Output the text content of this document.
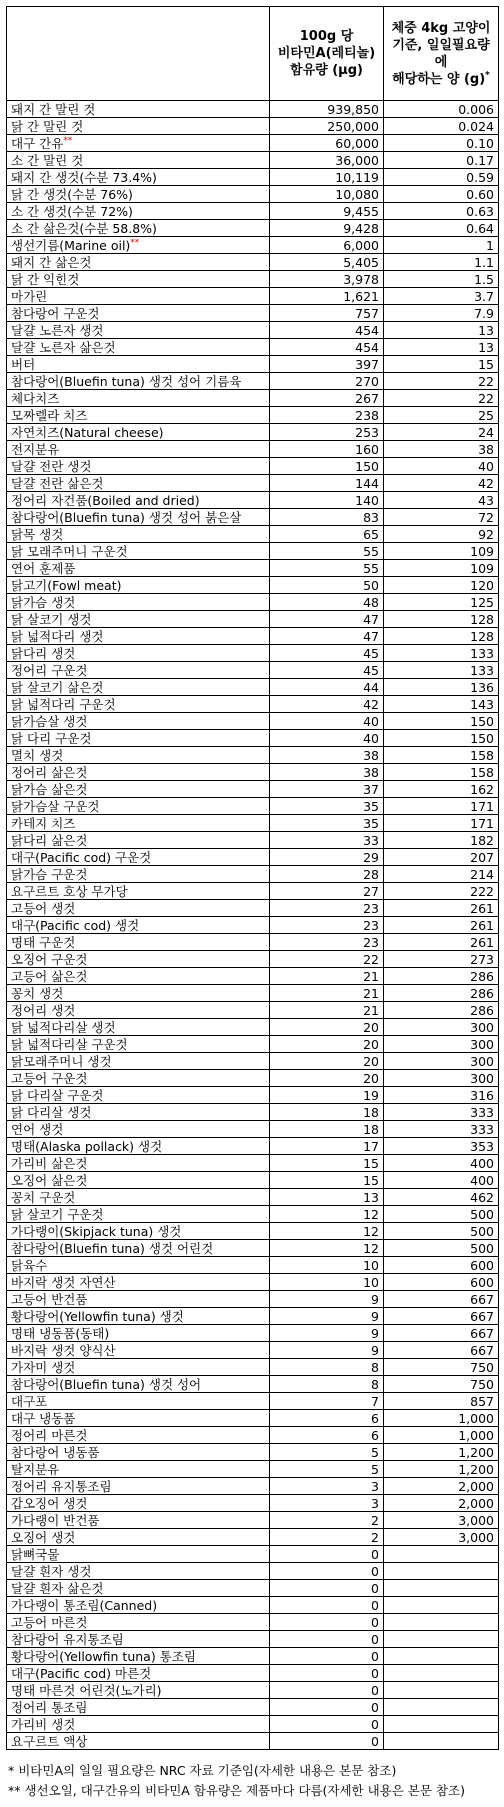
	100g 당
비타민A(레티놀)
함유량 (μg)	체중 4kg 고양이
기준, 일일필요량에
해당하는 양 (g)*
돼지 간 말린 것	939,850	0.006
닭 간 말린 것	250,000	0.024
대구 간유**	60,000	0.10
소 간 말린 것	36,000	0.17
돼지 간 생것(수분 73.4%)	10,119	0.59
닭 간 생것(수분 76%)	10,080	0.60
소 간 생것(수분 72%)	9,455	0.63
소 간 삶은것(수분 58.8%)	9,428	0.64
생선기름(Marine oil)**	6,000	1
돼지 간 삶은것	5,405	1.1
닭 간 익힌것	3,978	1.5
마가린	1,621	3.7
참다랑어 구운것	757	7.9
달걀 노른자 생것	454	13
달걀 노른자 삶은것	454	13
버터	397	15
참다랑어(Bluefin tuna) 생것 성어 기름육	270	22
체다치즈	267	22
모짜렐라 치즈	238	25
자연치즈(Natural cheese)	253	24
전지분유	160	38
달걀 전란 생것	150	40
달걀 전란 삶은것	144	42
정어리 자건품(Boiled and dried)	140	43
참다랑어(Bluefin tuna) 생것 성어 붉은살	83	72
닭목 생것	65	92
닭 모래주머니 구운것	55	109
연어 훈제품	55	109
닭고기(Fowl meat)	50	120
닭가슴 생것	48	125
닭 살코기 생것	47	128
닭 넓적다리 생것	47	128
닭다리 생것	45	133
정어리 구운것	45	133
닭 살코기 삶은것	44	136
닭 넓적다리 구운것	42	143
닭가슴살 생것	40	150
닭 다리 구운것	40	150
멸치 생것	38	158
정어리 삶은것	38	158
닭가슴 삶은것	37	162
닭가슴살 구운것	35	171
카테지 치즈	35	171
닭다리 삶은것	33	182
대구(Pacific cod) 구운것	29	207
닭가슴 구운것	28	214
요구르트 호상 무가당	27	222
고등어 생것	23	261
대구(Pacific cod) 생것	23	261
명태 구운것	23	261
오징어 구운것	22	273
고등어 삶은것	21	286
꽁치 생것	21	286
정어리 생것	21	286
닭 넓적다리살 생것	20	300
닭 넓적다리살 구운것	20	300
닭모래주머니 생것	20	300
고등어 구운것	20	300
닭 다리살 구운것	19	316
닭 다리살 생것	18	333
연어 생것	18	333
명태(Alaska pollack) 생것	17	353
가리비 삶은것	15	400
오징어 삶은것	15	400
꽁치 구운것	13	462
닭 살코기 구운것	12	500
가다랭이(Skipjack tuna) 생것	12	500
참다랑어(Bluefin tuna) 생것 어린것	12	500
닭육수	10	600
바지락 생것 자연산	10	600
고등어 반건품	9	667
황다랑어(Yellowfin tuna) 생것	9	667
명태 냉동품(동태)	9	667
바지락 생것 양식산	9	667
가자미 생것	8	750
참다랑어(Bluefin tuna) 생것 성어	8	750
대구포	7	857
대구 냉동품	6	1,000
정어리 마른것	6	1,000
참다랑어 냉동품	5	1,200
탈지분유	5	1,200
정어리 유지통조림	3	2,000
갑오징어 생것	3	2,000
가다랭이 반건품	2	3,000
오징어 생것	2	3,000
닭뼈국물	0	
달걀 흰자 생것	0	
달걀 흰자 삶은것	0	
가다랭이 통조림(Canned)	0	
고등어 마른것	0	
참다랑어 유지통조림	0	
황다랑어(Yellowfin tuna) 통조림	0	
대구(Pacific cod) 마른것	0	
명태 마른것 어린것(노가리)	0	
정어리 통조림	0	
가리비 생것	0	
요구르트 액상	0	
* 비타민A의 일일 필요량은 NRC 자료 기준임(자세한 내용은 본문 참조)
** 생선오일, 대구간유의 비타민A 함유량은 제품마다 다름(자세한 내용은 본문 참조)
